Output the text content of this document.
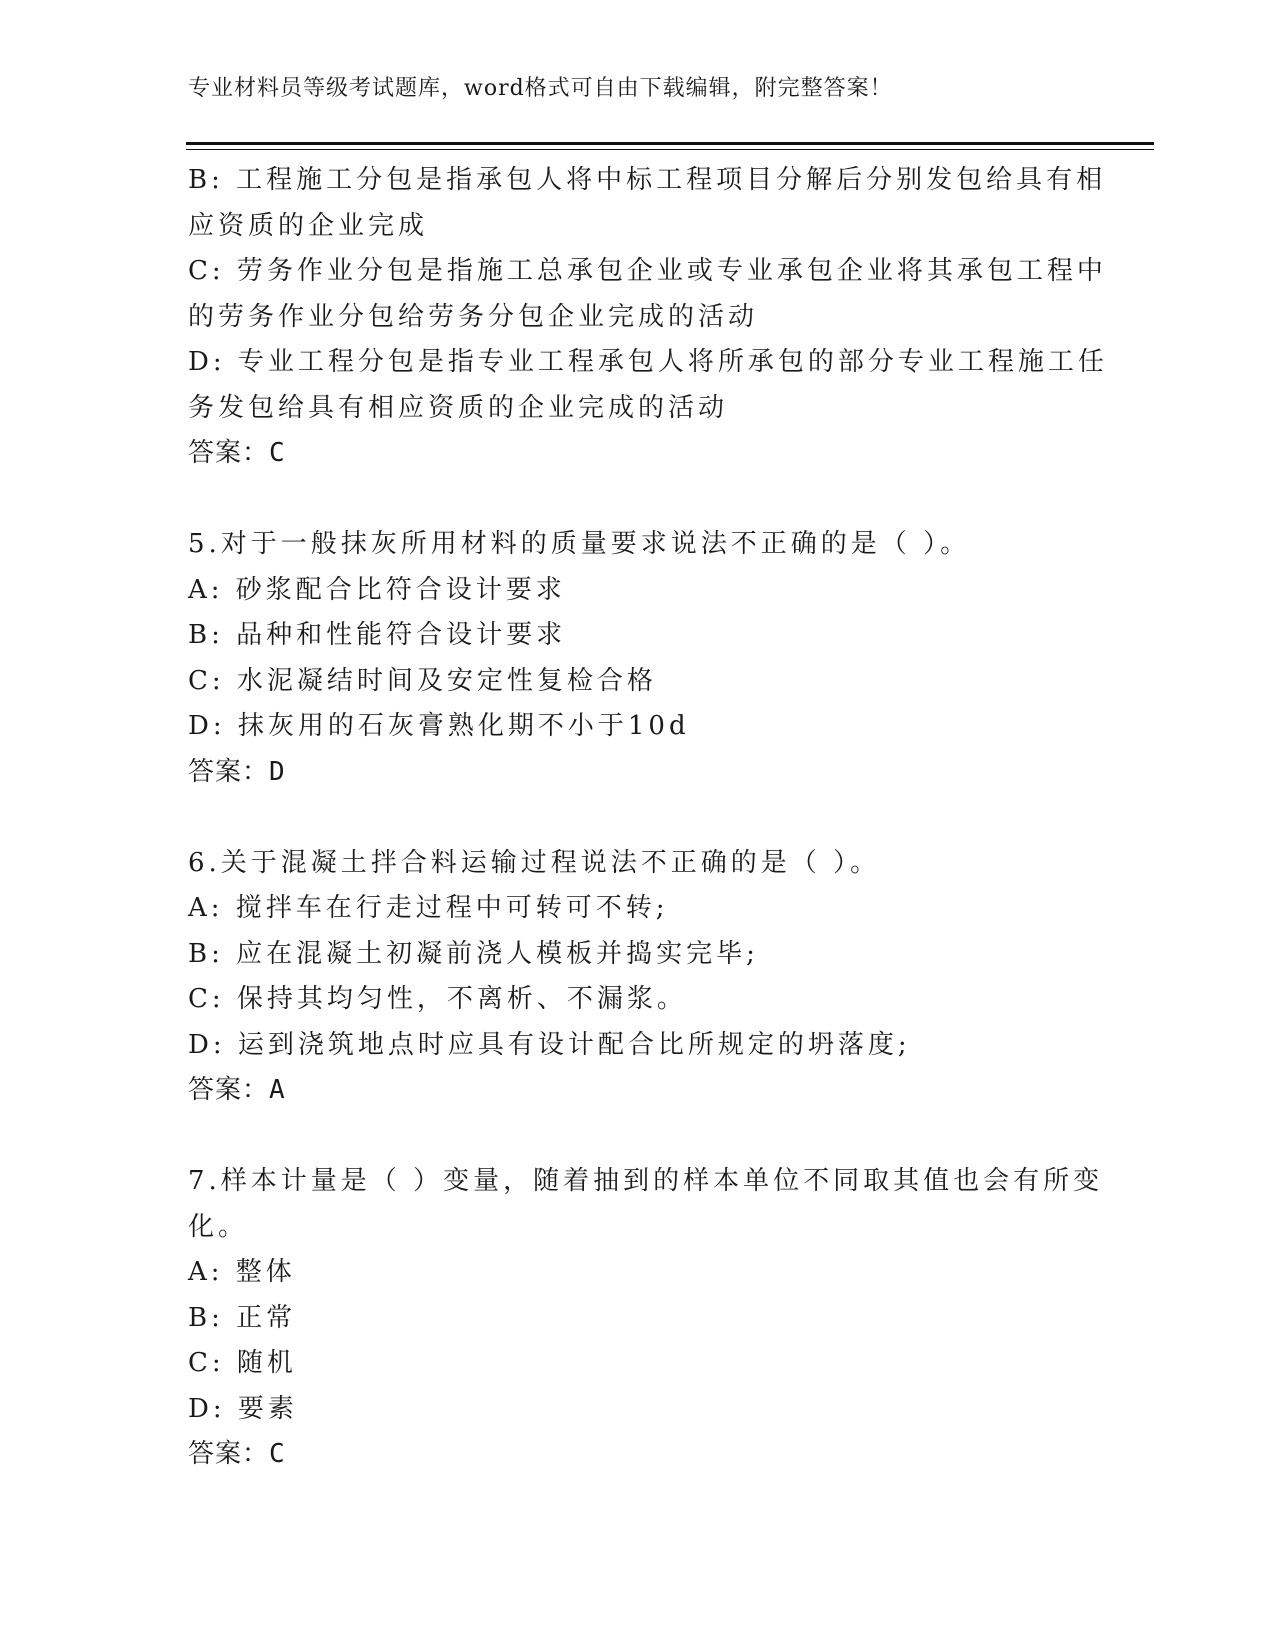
专业材料员等级考试题库，word格式可自由下载编辑，附完整答案！
B: 工程施工分包是指承包人将中标工程项目分解后分别发包给具有相
应资质的企业完成
C: 劳务作业分包是指施工总承包企业或专业承包企业将其承包工程中
的劳务作业分包给劳务分包企业完成的活动
D: 专业工程分包是指专业工程承包人将所承包的部分专业工程施工任
务发包给具有相应资质的企业完成的活动
答案：C
5.对于一般抹灰所用材料的质量要求说法不正确的是（ ）。
A: 砂浆配合比符合设计要求
B: 品种和性能符合设计要求
C: 水泥凝结时间及安定性复检合格
D: 抹灰用的石灰膏熟化期不小于10d
答案：D
6.关于混凝土拌合料运输过程说法不正确的是（ ）。
A: 搅拌车在行走过程中可转可不转;
B: 应在混凝土初凝前浇人模板并捣实完毕;
C: 保持其均匀性，不离析、不漏浆。
D: 运到浇筑地点时应具有设计配合比所规定的坍落度;
答案：A
7.样本计量是（ ）变量，随着抽到的样本单位不同取其值也会有所变
化。
A: 整体
B: 正常
C: 随机
D: 要素
答案：C
